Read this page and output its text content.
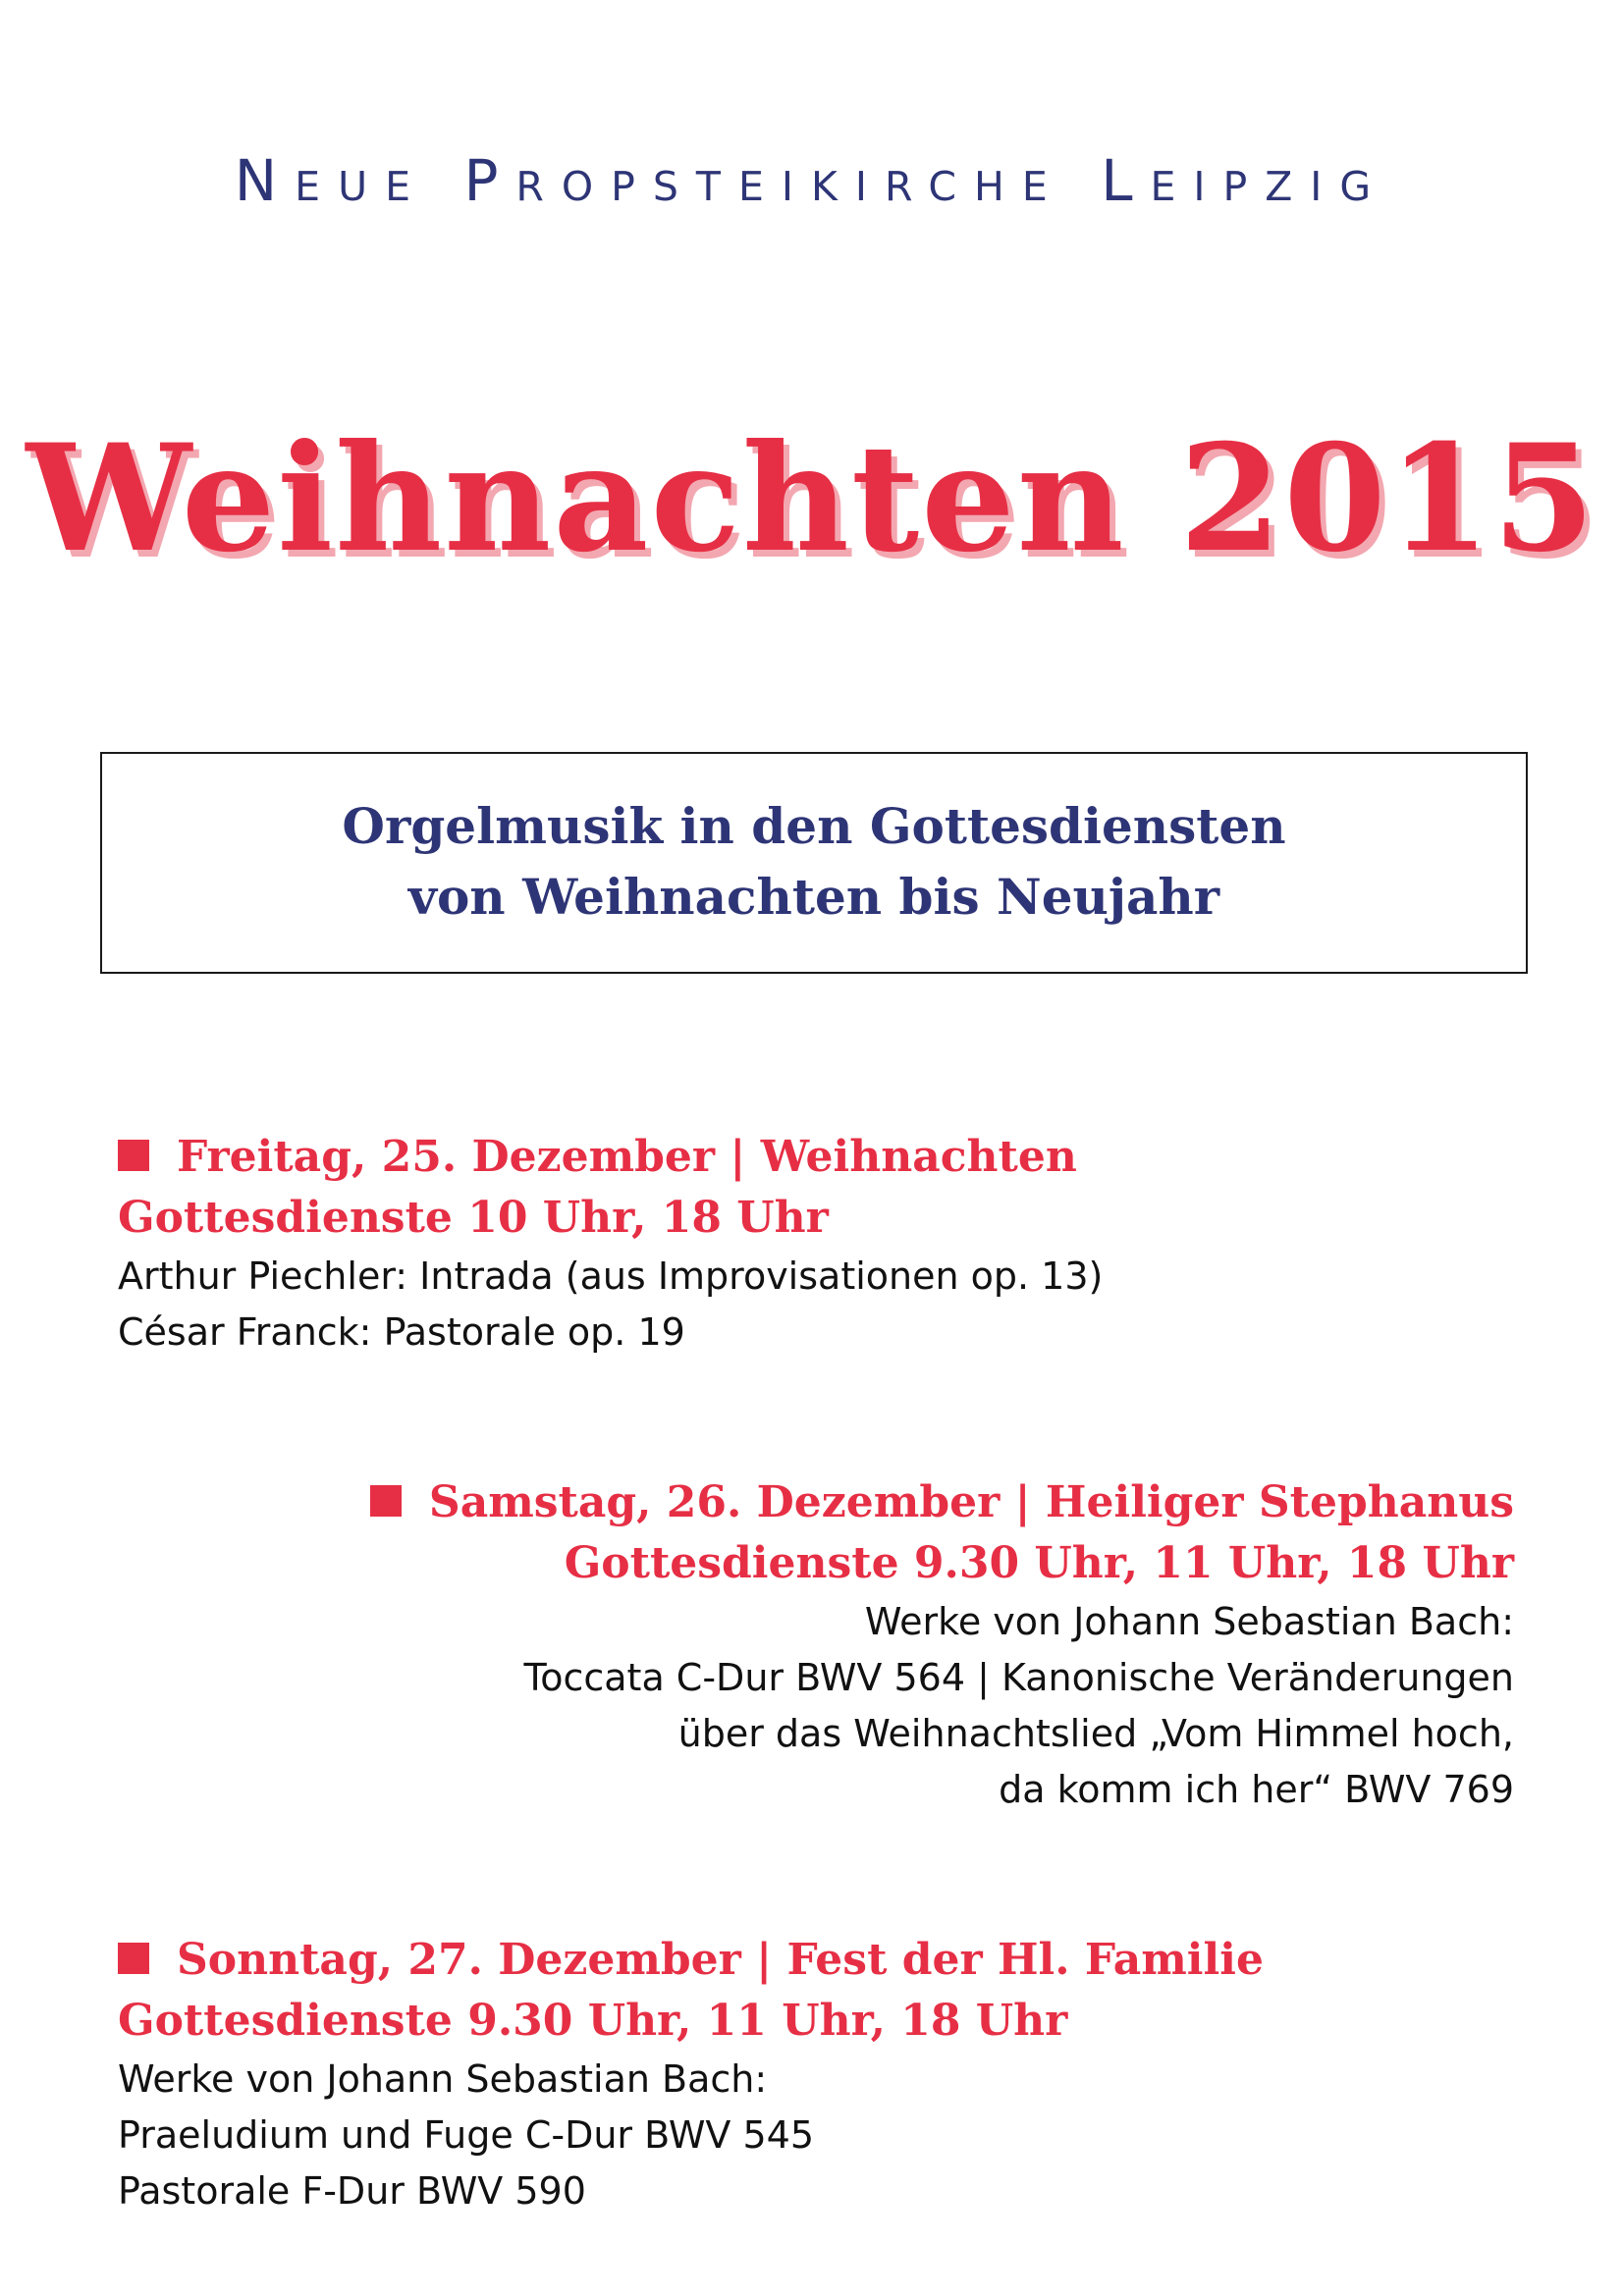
Neue Propsteikirche Leipzig
Weihnachten 2015
Orgelmusik in den Gottesdiensten
von Weihnachten bis Neujahr
Freitag, 25. Dezember | Weihnachten
Gottesdienste 10 Uhr, 18 Uhr
Arthur Piechler: Intrada (aus Improvisationen op. 13)
César Franck: Pastorale op. 19
Samstag, 26. Dezember | Heiliger Stephanus
Gottesdienste 9.30 Uhr, 11 Uhr, 18 Uhr
Werke von Johann Sebastian Bach:
Toccata C-Dur BWV 564 | Kanonische Veränderungen
über das Weihnachtslied „Vom Himmel hoch,
da komm ich her“ BWV 769
Sonntag, 27. Dezember | Fest der Hl. Familie
Gottesdienste 9.30 Uhr, 11 Uhr, 18 Uhr
Werke von Johann Sebastian Bach:
Praeludium und Fuge C-Dur BWV 545
Pastorale F-Dur BWV 590
